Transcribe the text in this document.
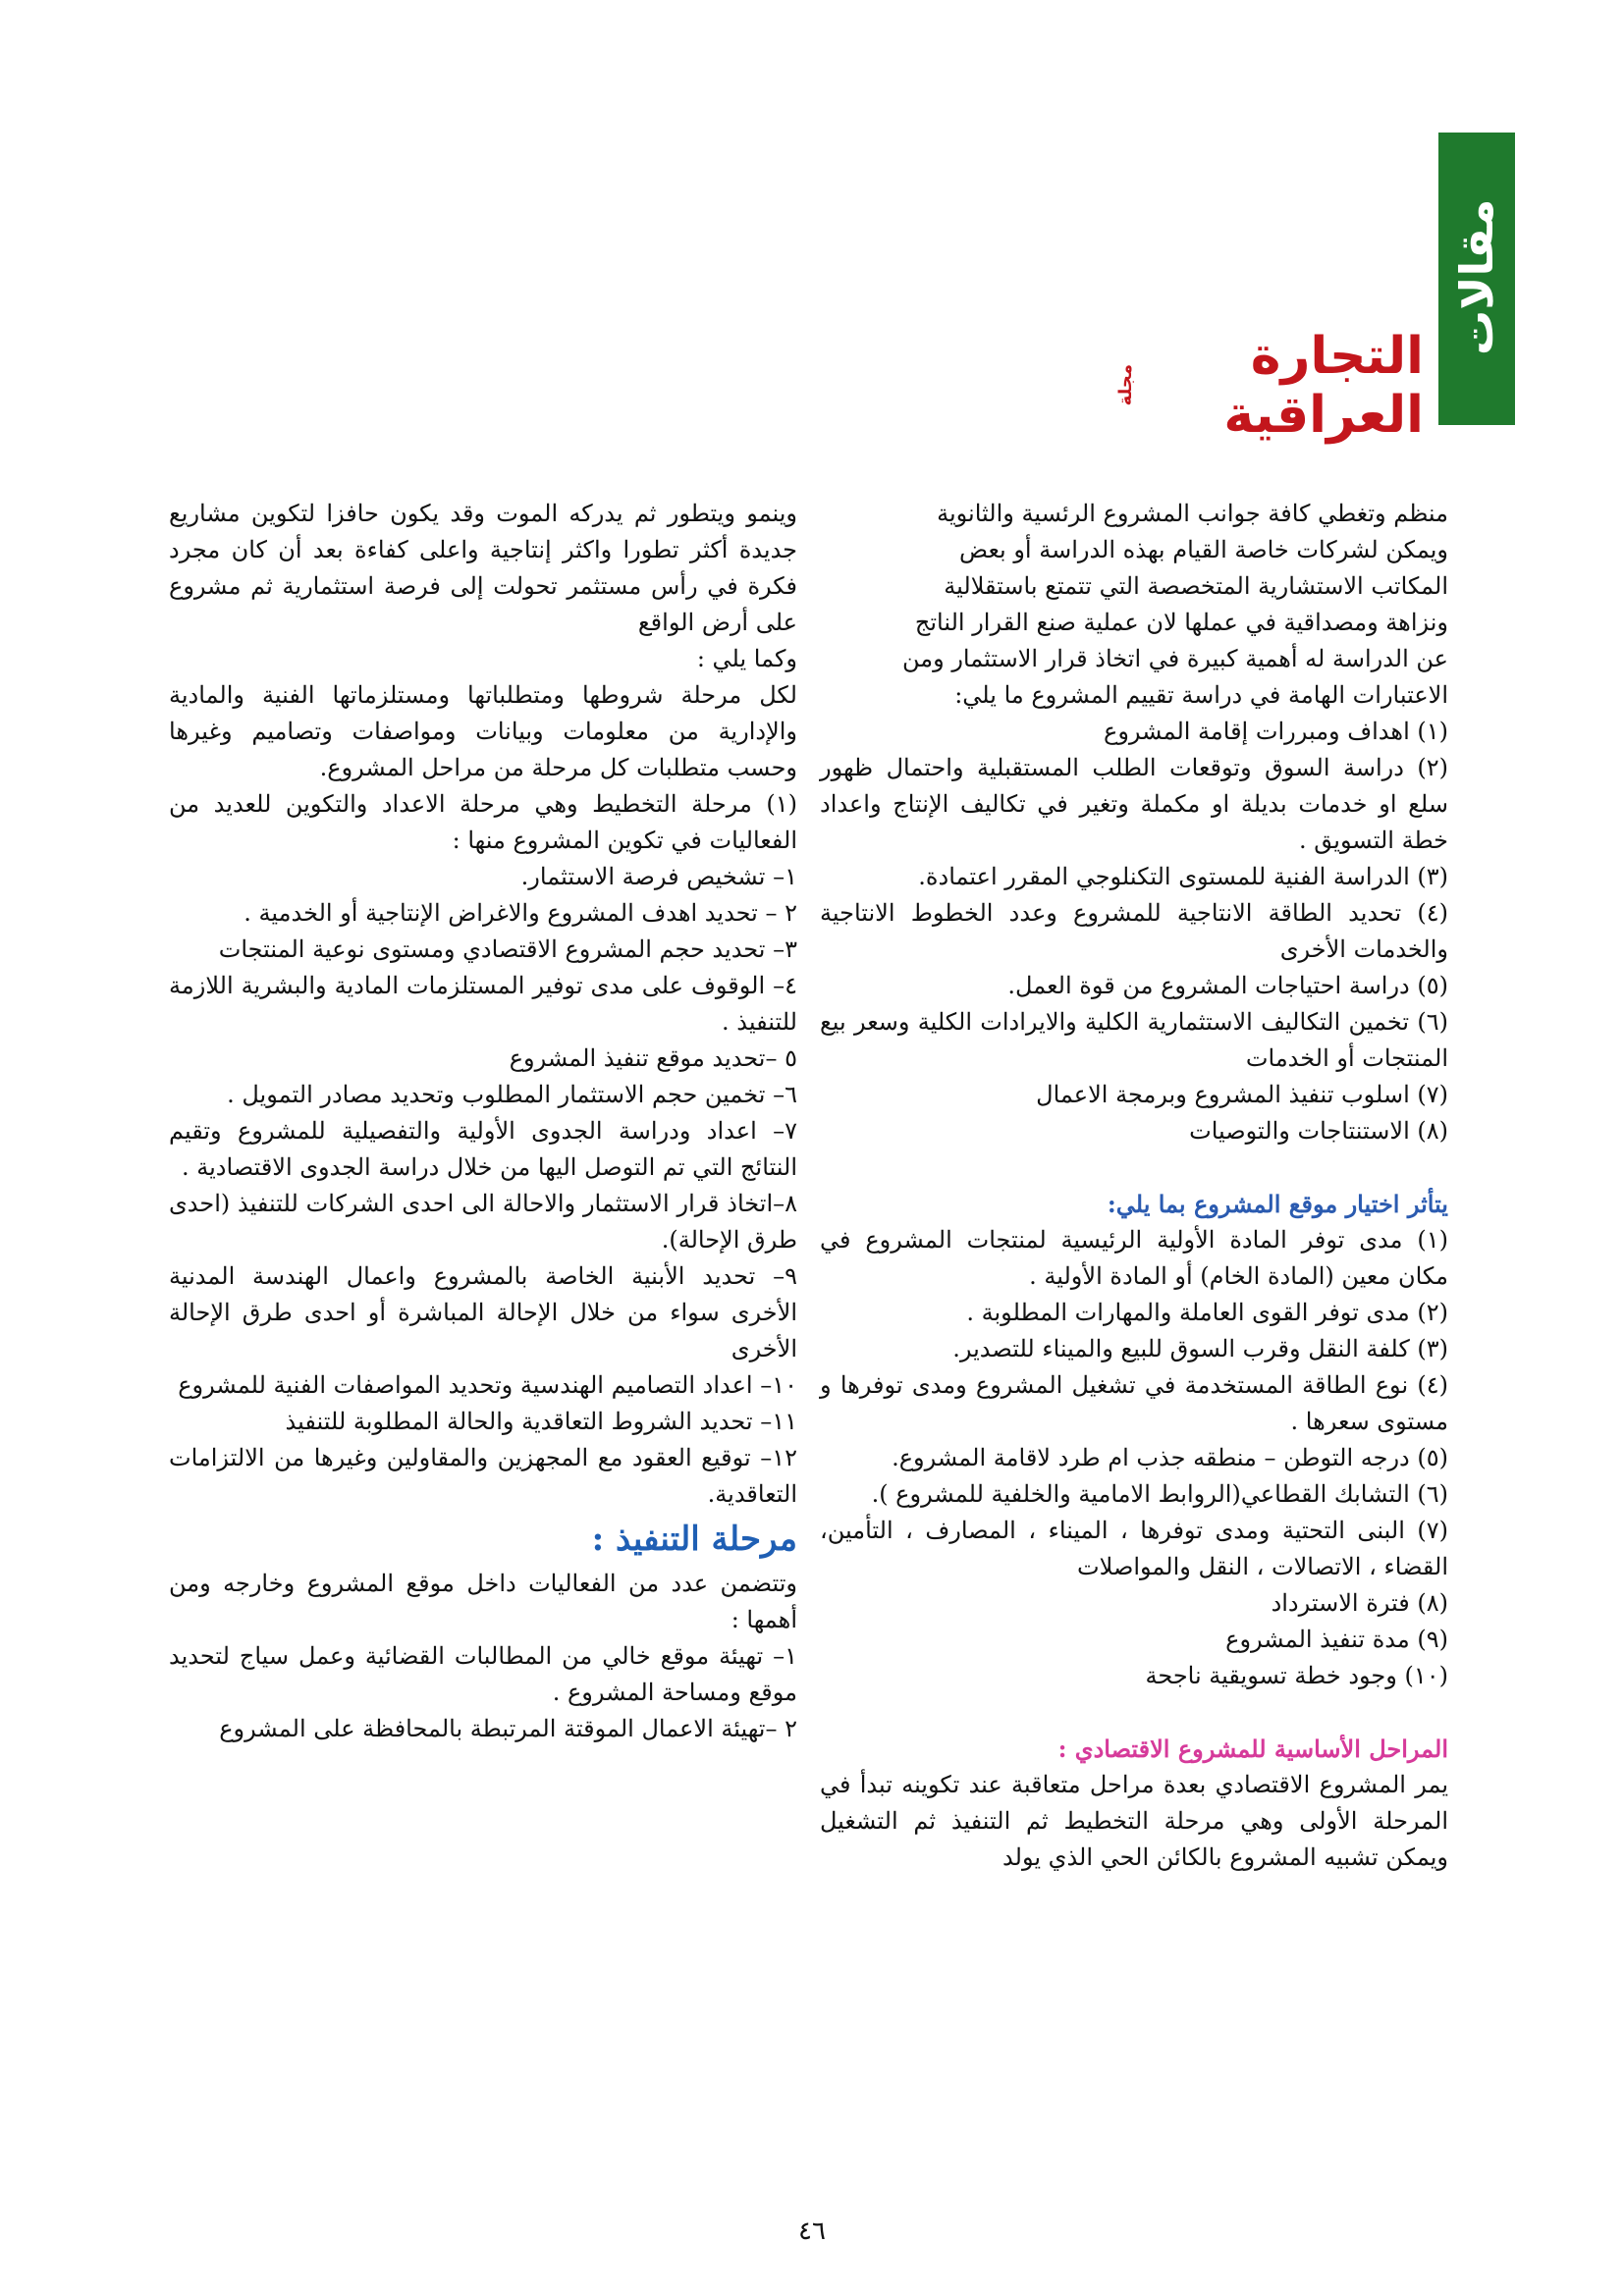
مقالات
التجارة العراقية
مجلة

منظم وتغطي كافة جوانب المشروع الرئسية والثانوية

ويمكن لشركات خاصة القيام بهذه الدراسة أو بعض

المكاتب الاستشارية المتخصصة التي تتمتع باستقلالية

ونزاهة ومصداقية في عملها لان عملية صنع القرار الناتج

عن الدراسة له أهمية كبيرة في اتخاذ قرار الاستثمار ومن

الاعتبارات الهامة في دراسة تقييم المشروع ما يلي:

(١) اهداف ومبررات إقامة المشروع

(٢) دراسة السوق وتوقعات الطلب المستقبلية واحتمال ظهور سلع او خدمات بديلة او مكملة وتغير في تكاليف الإنتاج واعداد خطة التسويق .

(٣) الدراسة الفنية للمستوى التكنلوجي المقرر اعتمادة.

(٤) تحديد الطاقة الانتاجية للمشروع وعدد الخطوط الانتاجية والخدمات الأخرى

(٥) دراسة احتياجات المشروع من قوة العمل.

(٦) تخمين التكاليف الاستثمارية الكلية والايرادات الكلية وسعر بيع المنتجات أو الخدمات

(٧) اسلوب تنفيذ المشروع وبرمجة الاعمال

(٨) الاستنتاجات والتوصيات

يتأثر اختيار موقع المشروع بما يلي:

(١) مدى توفر المادة الأولية الرئيسية لمنتجات المشروع في مكان معين (المادة الخام) أو المادة الأولية .

(٢) مدى توفر القوى العاملة والمهارات المطلوبة .

(٣) كلفة النقل وقرب السوق للبيع والميناء للتصدير.

(٤) نوع الطاقة المستخدمة في تشغيل المشروع ومدى توفرها و مستوى سعرها .

(٥) درجه التوطن – منطقه جذب ام طرد لاقامة المشروع.

(٦) التشابك القطاعي(الروابط الامامية والخلفية للمشروع ).

(٧) البنى التحتية ومدى توفرها ، الميناء ، المصارف ، التأمين، القضاء ، الاتصالات ، النقل والمواصلات

(٨) فترة الاسترداد

(٩) مدة تنفيذ المشروع

(١٠) وجود خطة تسويقية ناجحة

المراحل الأساسية للمشروع الاقتصادي :

يمر المشروع الاقتصادي بعدة مراحل متعاقبة عند تكوينه تبدأ في المرحلة الأولى وهي مرحلة التخطيط ثم التنفيذ ثم التشغيل ويمكن تشبيه المشروع بالكائن الحي الذي يولد

وينمو ويتطور ثم يدركه الموت وقد يكون حافزا لتكوين مشاريع جديدة أكثر تطورا واكثر إنتاجية واعلى كفاءة بعد أن كان مجرد فكرة في رأس مستثمر تحولت إلى فرصة استثمارية ثم مشروع على أرض الواقع

وكما يلي :

لكل مرحلة شروطها ومتطلباتها ومستلزماتها الفنية والمادية والإدارية من معلومات وبيانات ومواصفات وتصاميم وغيرها وحسب متطلبات كل مرحلة من مراحل المشروع.

(١) مرحلة التخطيط وهي مرحلة الاعداد والتكوين للعديد من الفعاليات في تكوين المشروع منها :

١– تشخيص فرصة الاستثمار.

٢ – تحديد اهدف المشروع والاغراض الإنتاجية أو الخدمية .

٣– تحديد حجم المشروع الاقتصادي ومستوى نوعية المنتجات

٤– الوقوف على مدى توفير المستلزمات المادية والبشرية اللازمة للتنفيذ .

٥ –تحديد موقع تنفيذ المشروع

٦– تخمين حجم الاستثمار المطلوب وتحديد مصادر التمويل .

٧– اعداد ودراسة الجدوى الأولية والتفصيلية للمشروع وتقيم النتائج التي تم التوصل اليها من خلال دراسة الجدوى الاقتصادية .

٨–اتخاذ قرار الاستثمار والاحالة الى احدى الشركات للتنفيذ (احدى طرق الإحالة).

٩– تحديد الأبنية الخاصة بالمشروع واعمال الهندسة المدنية الأخرى سواء من خلال الإحالة المباشرة أو احدى طرق الإحالة الأخرى

١٠– اعداد التصاميم الهندسية وتحديد المواصفات الفنية للمشروع

١١– تحديد الشروط التعاقدية والحالة المطلوبة للتنفيذ

١٢– توقيع العقود مع المجهزين والمقاولين وغيرها من الالتزامات التعاقدية.

مرحلة التنفيذ :

وتتضمن عدد من الفعاليات داخل موقع المشروع وخارجه ومن أهمها :

١– تهيئة موقع خالي من المطالبات القضائية وعمل سياج لتحديد موقع ومساحة المشروع .

٢ –تهيئة الاعمال الموقتة المرتبطة بالمحافظة على المشروع

٤٦
